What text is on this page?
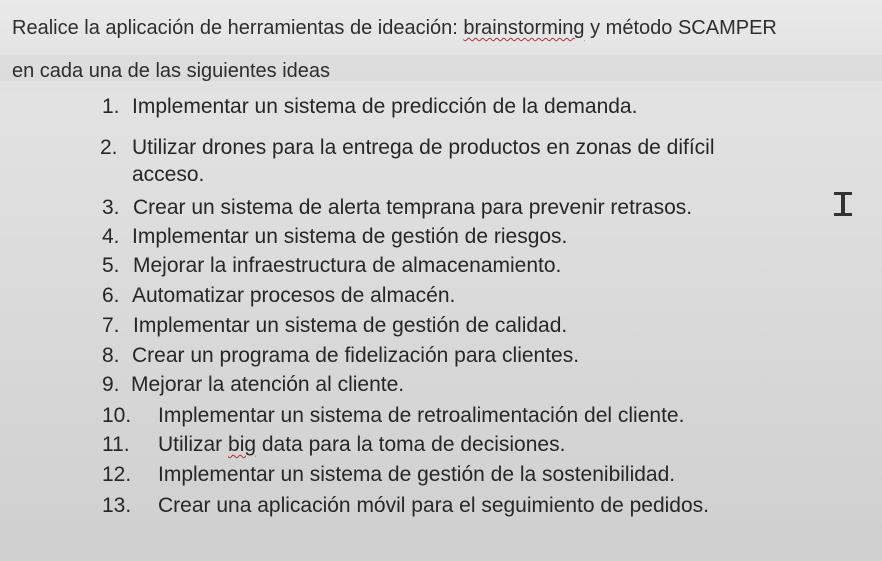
Realice la aplicación de herramientas de ideación: brainstorming y método SCAMPER
en cada una de las siguientes ideas
1. Implementar un sistema de predicción de la demanda.
2. Utilizar drones para la entrega de productos en zonas de difícil
acceso.
3. Crear un sistema de alerta temprana para prevenir retrasos.
4. Implementar un sistema de gestión de riesgos.
5. Mejorar la infraestructura de almacenamiento.
6. Automatizar procesos de almacén.
7. Implementar un sistema de gestión de calidad.
8. Crear un programa de fidelización para clientes.
9. Mejorar la atención al cliente.
10. Implementar un sistema de retroalimentación del cliente.
11. Utilizar big data para la toma de decisiones.
12. Implementar un sistema de gestión de la sostenibilidad.
13. Crear una aplicación móvil para el seguimiento de pedidos.
